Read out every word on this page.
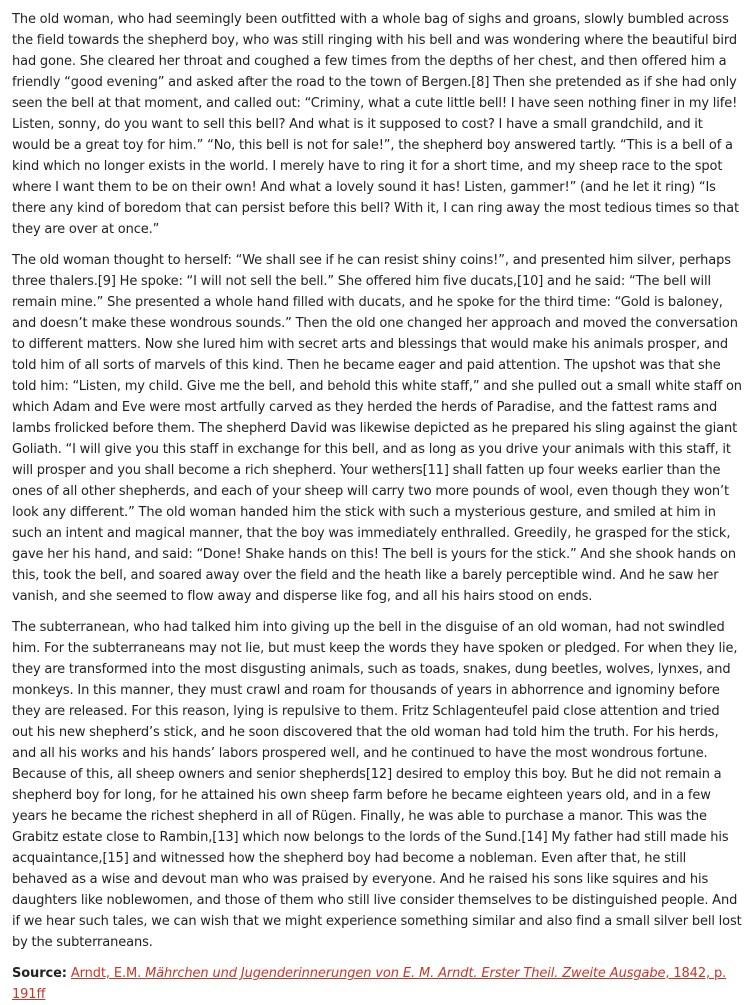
The old woman, who had seemingly been outfitted with a whole bag of sighs and groans, slowly bumbled across the field towards the shepherd boy, who was still ringing with his bell and was wondering where the beautiful bird had gone. She cleared her throat and coughed a few times from the depths of her chest, and then offered him a friendly “good evening” and asked after the road to the town of Bergen.[8] Then she pretended as if she had only seen the bell at that moment, and called out: “Criminy, what a cute little bell! I have seen nothing finer in my life! Listen, sonny, do you want to sell this bell? And what is it supposed to cost? I have a small grandchild, and it would be a great toy for him.” “No, this bell is not for sale!”, the shepherd boy answered tartly. “This is a bell of a kind which no longer exists in the world. I merely have to ring it for a short time, and my sheep race to the spot where I want them to be on their own! And what a lovely sound it has! Listen, gammer!” (and he let it ring) “Is there any kind of boredom that can persist before this bell? With it, I can ring away the most tedious times so that they are over at once.”

The old woman thought to herself: “We shall see if he can resist shiny coins!”, and presented him silver, perhaps three thalers.[9] He spoke: “I will not sell the bell.” She offered him five ducats,[10] and he said: “The bell will remain mine.” She presented a whole hand filled with ducats, and he spoke for the third time: “Gold is baloney, and doesn’t make these wondrous sounds.” Then the old one changed her approach and moved the conversation to different matters. Now she lured him with secret arts and blessings that would make his animals prosper, and told him of all sorts of marvels of this kind. Then he became eager and paid attention. The upshot was that she told him: “Listen, my child. Give me the bell, and behold this white staff,” and she pulled out a small white staff on which Adam and Eve were most artfully carved as they herded the herds of Paradise, and the fattest rams and lambs frolicked before them. The shepherd David was likewise depicted as he prepared his sling against the giant Goliath. “I will give you this staff in exchange for this bell, and as long as you drive your animals with this staff, it will prosper and you shall become a rich shepherd. Your wethers[11] shall fatten up four weeks earlier than the ones of all other shepherds, and each of your sheep will carry two more pounds of wool, even though they won’t look any different.” The old woman handed him the stick with such a mysterious gesture, and smiled at him in such an intent and magical manner, that the boy was immediately enthralled. Greedily, he grasped for the stick, gave her his hand, and said: “Done! Shake hands on this! The bell is yours for the stick.” And she shook hands on this, took the bell, and soared away over the field and the heath like a barely perceptible wind. And he saw her vanish, and she seemed to flow away and disperse like fog, and all his hairs stood on ends.

The subterranean, who had talked him into giving up the bell in the disguise of an old woman, had not swindled him. For the subterraneans may not lie, but must keep the words they have spoken or pledged. For when they lie, they are transformed into the most disgusting animals, such as toads, snakes, dung beetles, wolves, lynxes, and monkeys. In this manner, they must crawl and roam for thousands of years in abhorrence and ignominy before they are released. For this reason, lying is repulsive to them. Fritz Schlagenteufel paid close attention and tried out his new shepherd’s stick, and he soon discovered that the old woman had told him the truth. For his herds, and all his works and his hands’ labors prospered well, and he continued to have the most wondrous fortune. Because of this, all sheep owners and senior shepherds[12] desired to employ this boy. But he did not remain a shepherd boy for long, for he attained his own sheep farm before he became eighteen years old, and in a few years he became the richest shepherd in all of Rügen. Finally, he was able to purchase a manor. This was the Grabitz estate close to Rambin,[13] which now belongs to the lords of the Sund.[14] My father had still made his acquaintance,[15] and witnessed how the shepherd boy had become a nobleman. Even after that, he still behaved as a wise and devout man who was praised by everyone. And he raised his sons like squires and his daughters like noblewomen, and those of them who still live consider themselves to be distinguished people. And if we hear such tales, we can wish that we might experience something similar and also find a small silver bell lost by the subterraneans.

Source: Arndt, E.M. Mährchen und Jugenderinnerungen von E. M. Arndt. Erster Theil. Zweite Ausgabe, 1842, p. 191ff
